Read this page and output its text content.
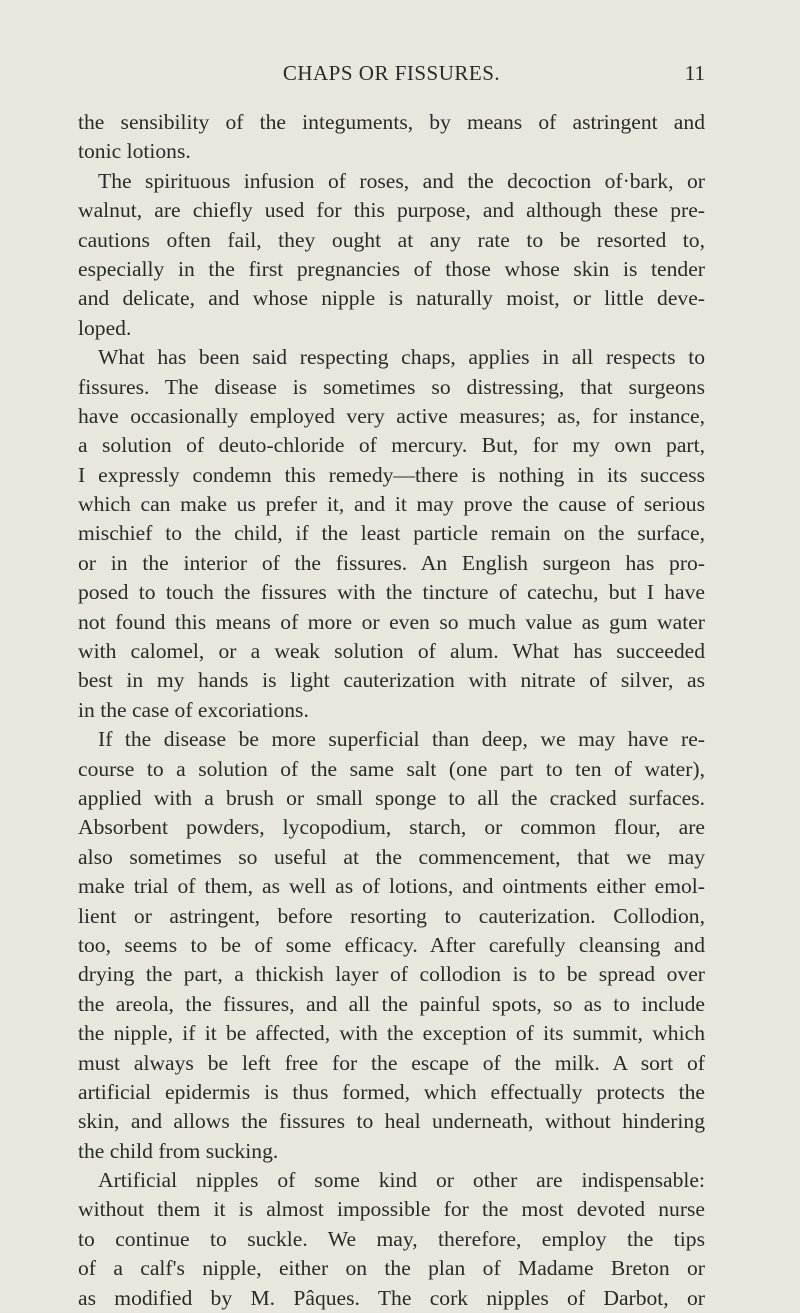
CHAPS OR FISSURES.	11
the sensibility of the integuments, by means of astringent and
tonic lotions.
The spirituous infusion of roses, and the decoction of·bark, or
walnut, are chiefly used for this purpose, and although these pre-
cautions often fail, they ought at any rate to be resorted to,
especially in the first pregnancies of those whose skin is tender
and delicate, and whose nipple is naturally moist, or little deve-
loped.
What has been said respecting chaps, applies in all respects to
fissures. The disease is sometimes so distressing, that surgeons
have occasionally employed very active measures; as, for instance,
a solution of deuto-chloride of mercury. But, for my own part,
I expressly condemn this remedy—there is nothing in its success
which can make us prefer it, and it may prove the cause of serious
mischief to the child, if the least particle remain on the surface,
or in the interior of the fissures. An English surgeon has pro-
posed to touch the fissures with the tincture of catechu, but I have
not found this means of more or even so much value as gum water
with calomel, or a weak solution of alum. What has succeeded
best in my hands is light cauterization with nitrate of silver, as
in the case of excoriations.
If the disease be more superficial than deep, we may have re-
course to a solution of the same salt (one part to ten of water),
applied with a brush or small sponge to all the cracked surfaces.
Absorbent powders, lycopodium, starch, or common flour, are
also sometimes so useful at the commencement, that we may
make trial of them, as well as of lotions, and ointments either emol-
lient or astringent, before resorting to cauterization. Collodion,
too, seems to be of some efficacy. After carefully cleansing and
drying the part, a thickish layer of collodion is to be spread over
the areola, the fissures, and all the painful spots, so as to include
the nipple, if it be affected, with the exception of its summit, which
must always be left free for the escape of the milk. A sort of
artificial epidermis is thus formed, which effectually protects the
skin, and allows the fissures to heal underneath, without hindering
the child from sucking.
Artificial nipples of some kind or other are indispensable:
without them it is almost impossible for the most devoted nurse
to continue to suckle. We may, therefore, employ the tips
of a calf's nipple, either on the plan of Madame Breton or
as modified by M. Pâques. The cork nipples of Darbot, or
